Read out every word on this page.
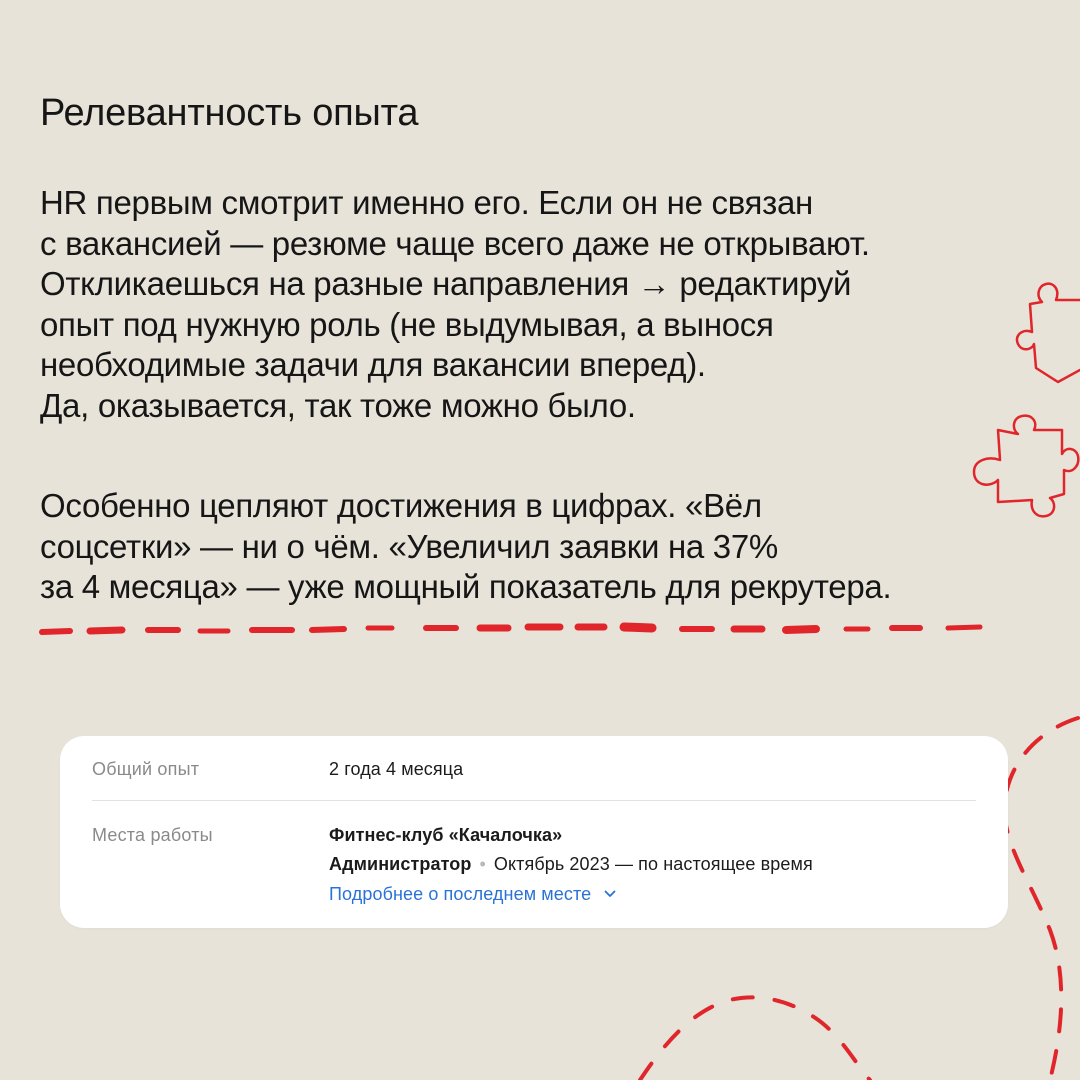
Релевантность опыта

HR первым смотрит именно его. Если он не связан
с вакансией — резюме чаще всего даже не открывают.
Откликаешься на разные направления → редактируй
опыт под нужную роль (не выдумывая, а вынося
необходимые задачи для вакансии вперед).
Да, оказывается, так тоже можно было.

Особенно цепляют достижения в цифрах. «Вёл
соцсетки» — ни о чём. «Увеличил заявки на 37%
за 4 месяца» — уже мощный показатель для рекрутера.

Общий опыт	2 года 4 месяца
Места работы	Фитнес-клуб «Качалочка»
Администратор • Октябрь 2023 — по настоящее время
Подробнее о последнем месте
